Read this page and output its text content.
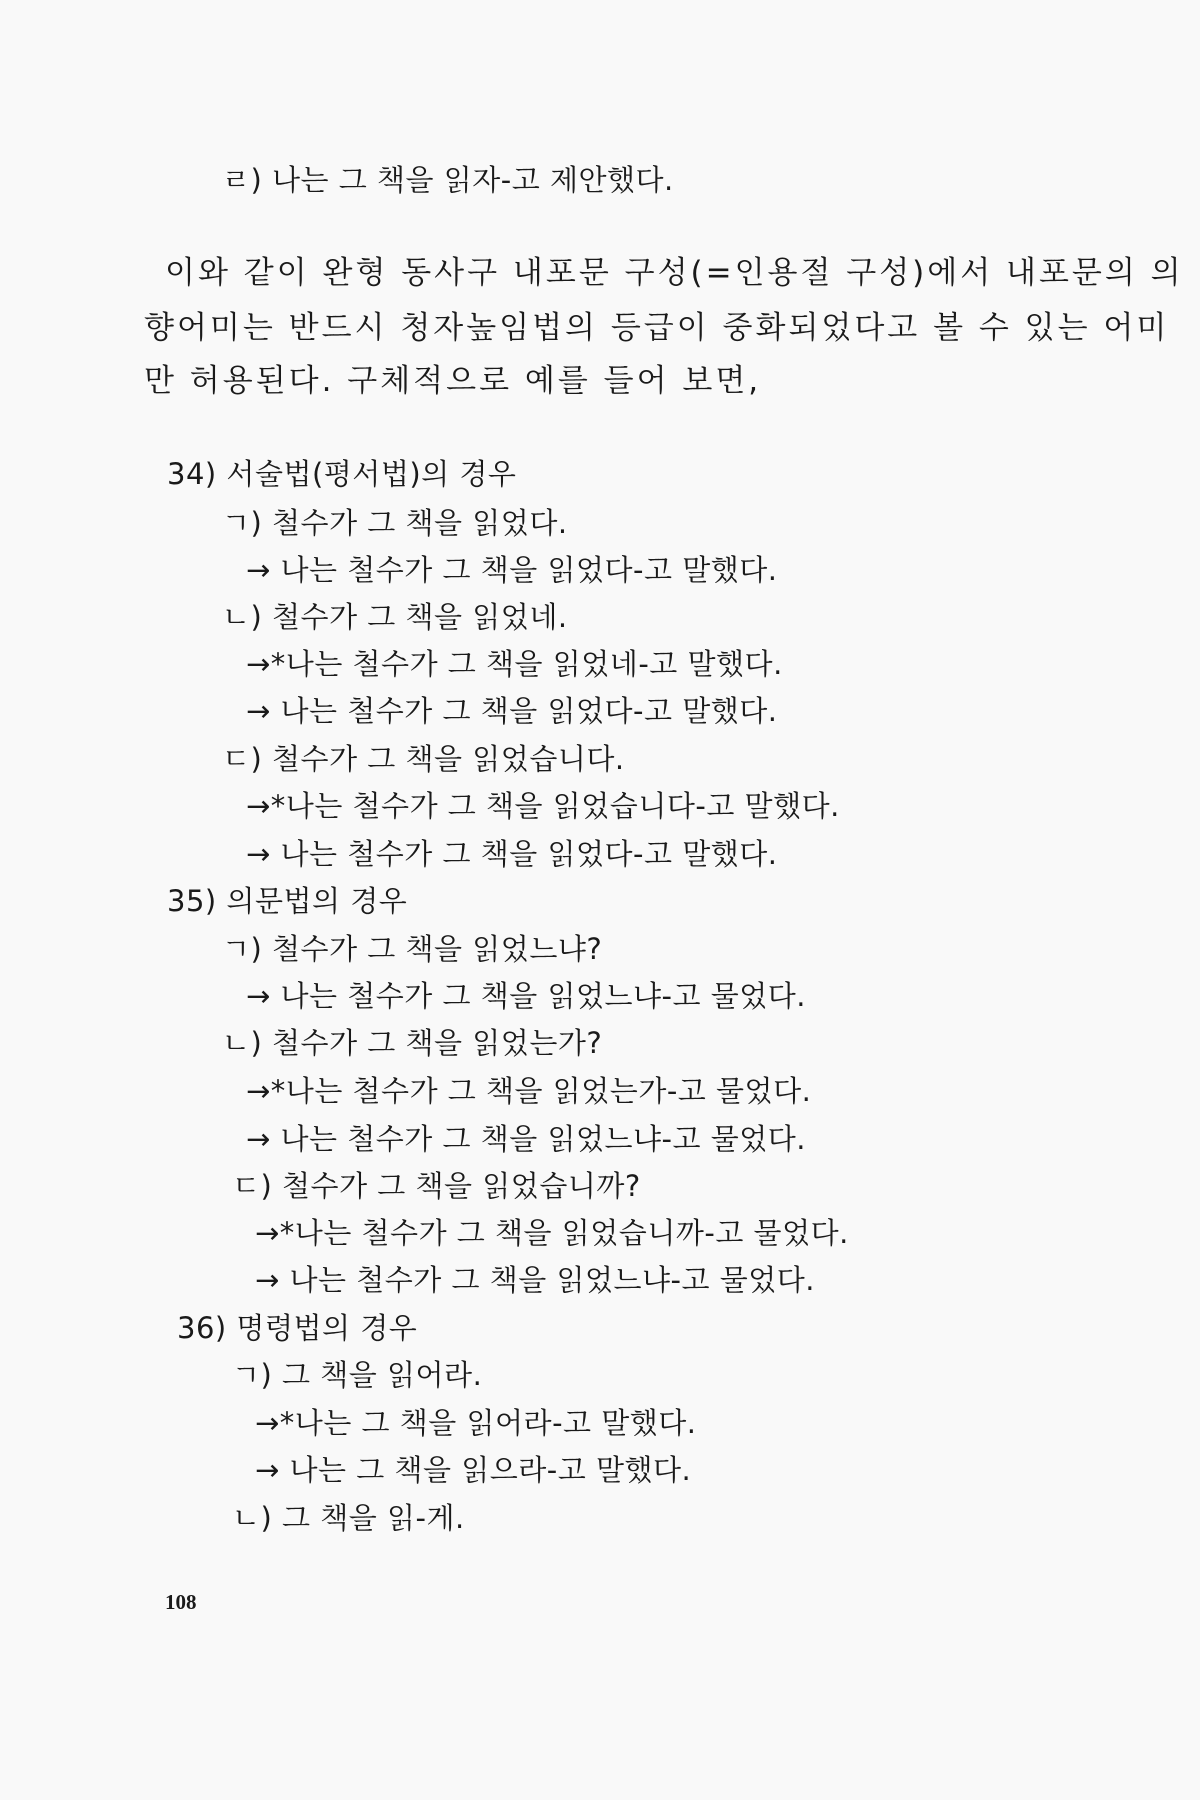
ㄹ) 나는 그 책을 읽자-고 제안했다.
이와 같이 완형 동사구 내포문 구성(=인용절 구성)에서 내포문의 의
향어미는 반드시 청자높임법의 등급이 중화되었다고 볼 수 있는 어미
만 허용된다. 구체적으로 예를 들어 보면,
34) 서술법(평서법)의 경우
ㄱ) 철수가 그 책을 읽었다.
→ 나는 철수가 그 책을 읽었다-고 말했다.
ㄴ) 철수가 그 책을 읽었네.
→*나는 철수가 그 책을 읽었네-고 말했다.
→ 나는 철수가 그 책을 읽었다-고 말했다.
ㄷ) 철수가 그 책을 읽었습니다.
→*나는 철수가 그 책을 읽었습니다-고 말했다.
→ 나는 철수가 그 책을 읽었다-고 말했다.
35) 의문법의 경우
ㄱ) 철수가 그 책을 읽었느냐?
→ 나는 철수가 그 책을 읽었느냐-고 물었다.
ㄴ) 철수가 그 책을 읽었는가?
→*나는 철수가 그 책을 읽었는가-고 물었다.
→ 나는 철수가 그 책을 읽었느냐-고 물었다.
ㄷ) 철수가 그 책을 읽었습니까?
→*나는 철수가 그 책을 읽었습니까-고 물었다.
→ 나는 철수가 그 책을 읽었느냐-고 물었다.
36) 명령법의 경우
ㄱ) 그 책을 읽어라.
→*나는 그 책을 읽어라-고 말했다.
→ 나는 그 책을 읽으라-고 말했다.
ㄴ) 그 책을 읽-게.
108
